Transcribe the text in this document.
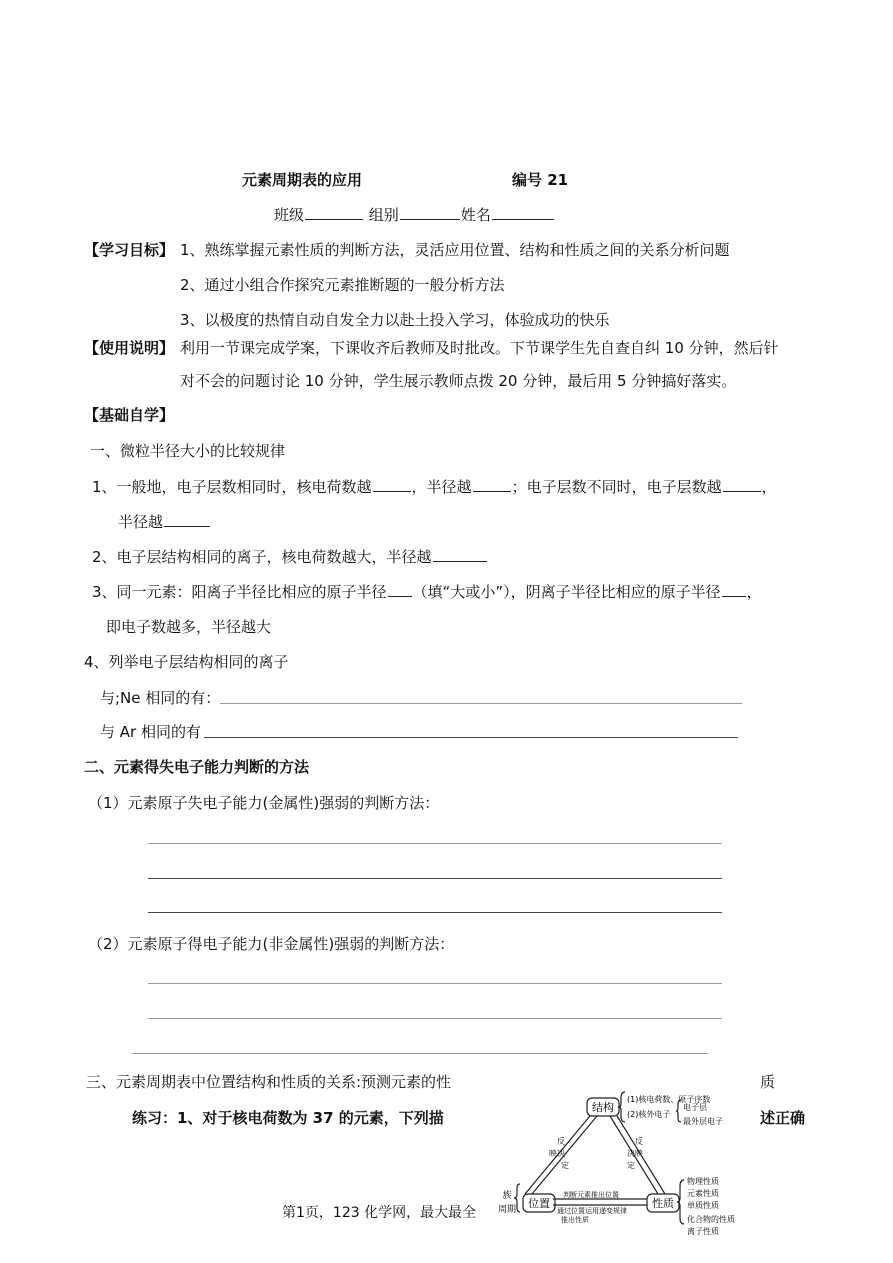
元素周期表的应用	编号 21
班级	组别	姓名
【学习目标】 1、熟练掌握元素性质的判断方法，灵活应用位置、结构和性质之间的关系分析问题
2、通过小组合作探究元素推断题的一般分析方法
3、以极度的热情自动自发全力以赴土投入学习，体验成功的快乐
【使用说明】 利用一节课完成学案，下课收齐后教师及时批改。下节课学生先自查自纠 10 分钟，然后针
对不会的问题讨论 10 分钟，学生展示教师点拨 20 分钟，最后用 5 分钟搞好落实。
【基础自学】
一、微粒半径大小的比较规律
1、一般地，电子层数相同时，核电荷数越	，半径越	；电子层数不同时，电子层数越	，
半径越
2、电子层结构相同的离子，核电荷数越大，半径越
3、同一元素：阳离子半径比相应的原子半径 （填“大或小”），阴离子半径比相应的原子半径 ，
即电子数越多，半径越大
4、列举电子层结构相同的离子
与;Ne 相同的有：
与 Ar 相同的有
二、元素得失电子能力判断的方法
（1）元素原子失电子能力(金属性)强弱的判断方法：
（2）元素原子得电子能力(非金属性)强弱的判断方法：
三、元素周期表中位置结构和性质的关系:预测元素的性	质
练习：1、对于核电荷数为 37 的元素，下列描	述正确
结构
位置	性质
(1)核电荷数、原子序数
(2)核外电子
电子层
最外层电子
反
映 决
定
反
映
决
定
族
周期
判断元素推出位置
通过位置运用递变规律
推出性质
物理性质
元素性质
单质性质
化合物的性质
离子性质
第1页，123 化学网，最大最全
